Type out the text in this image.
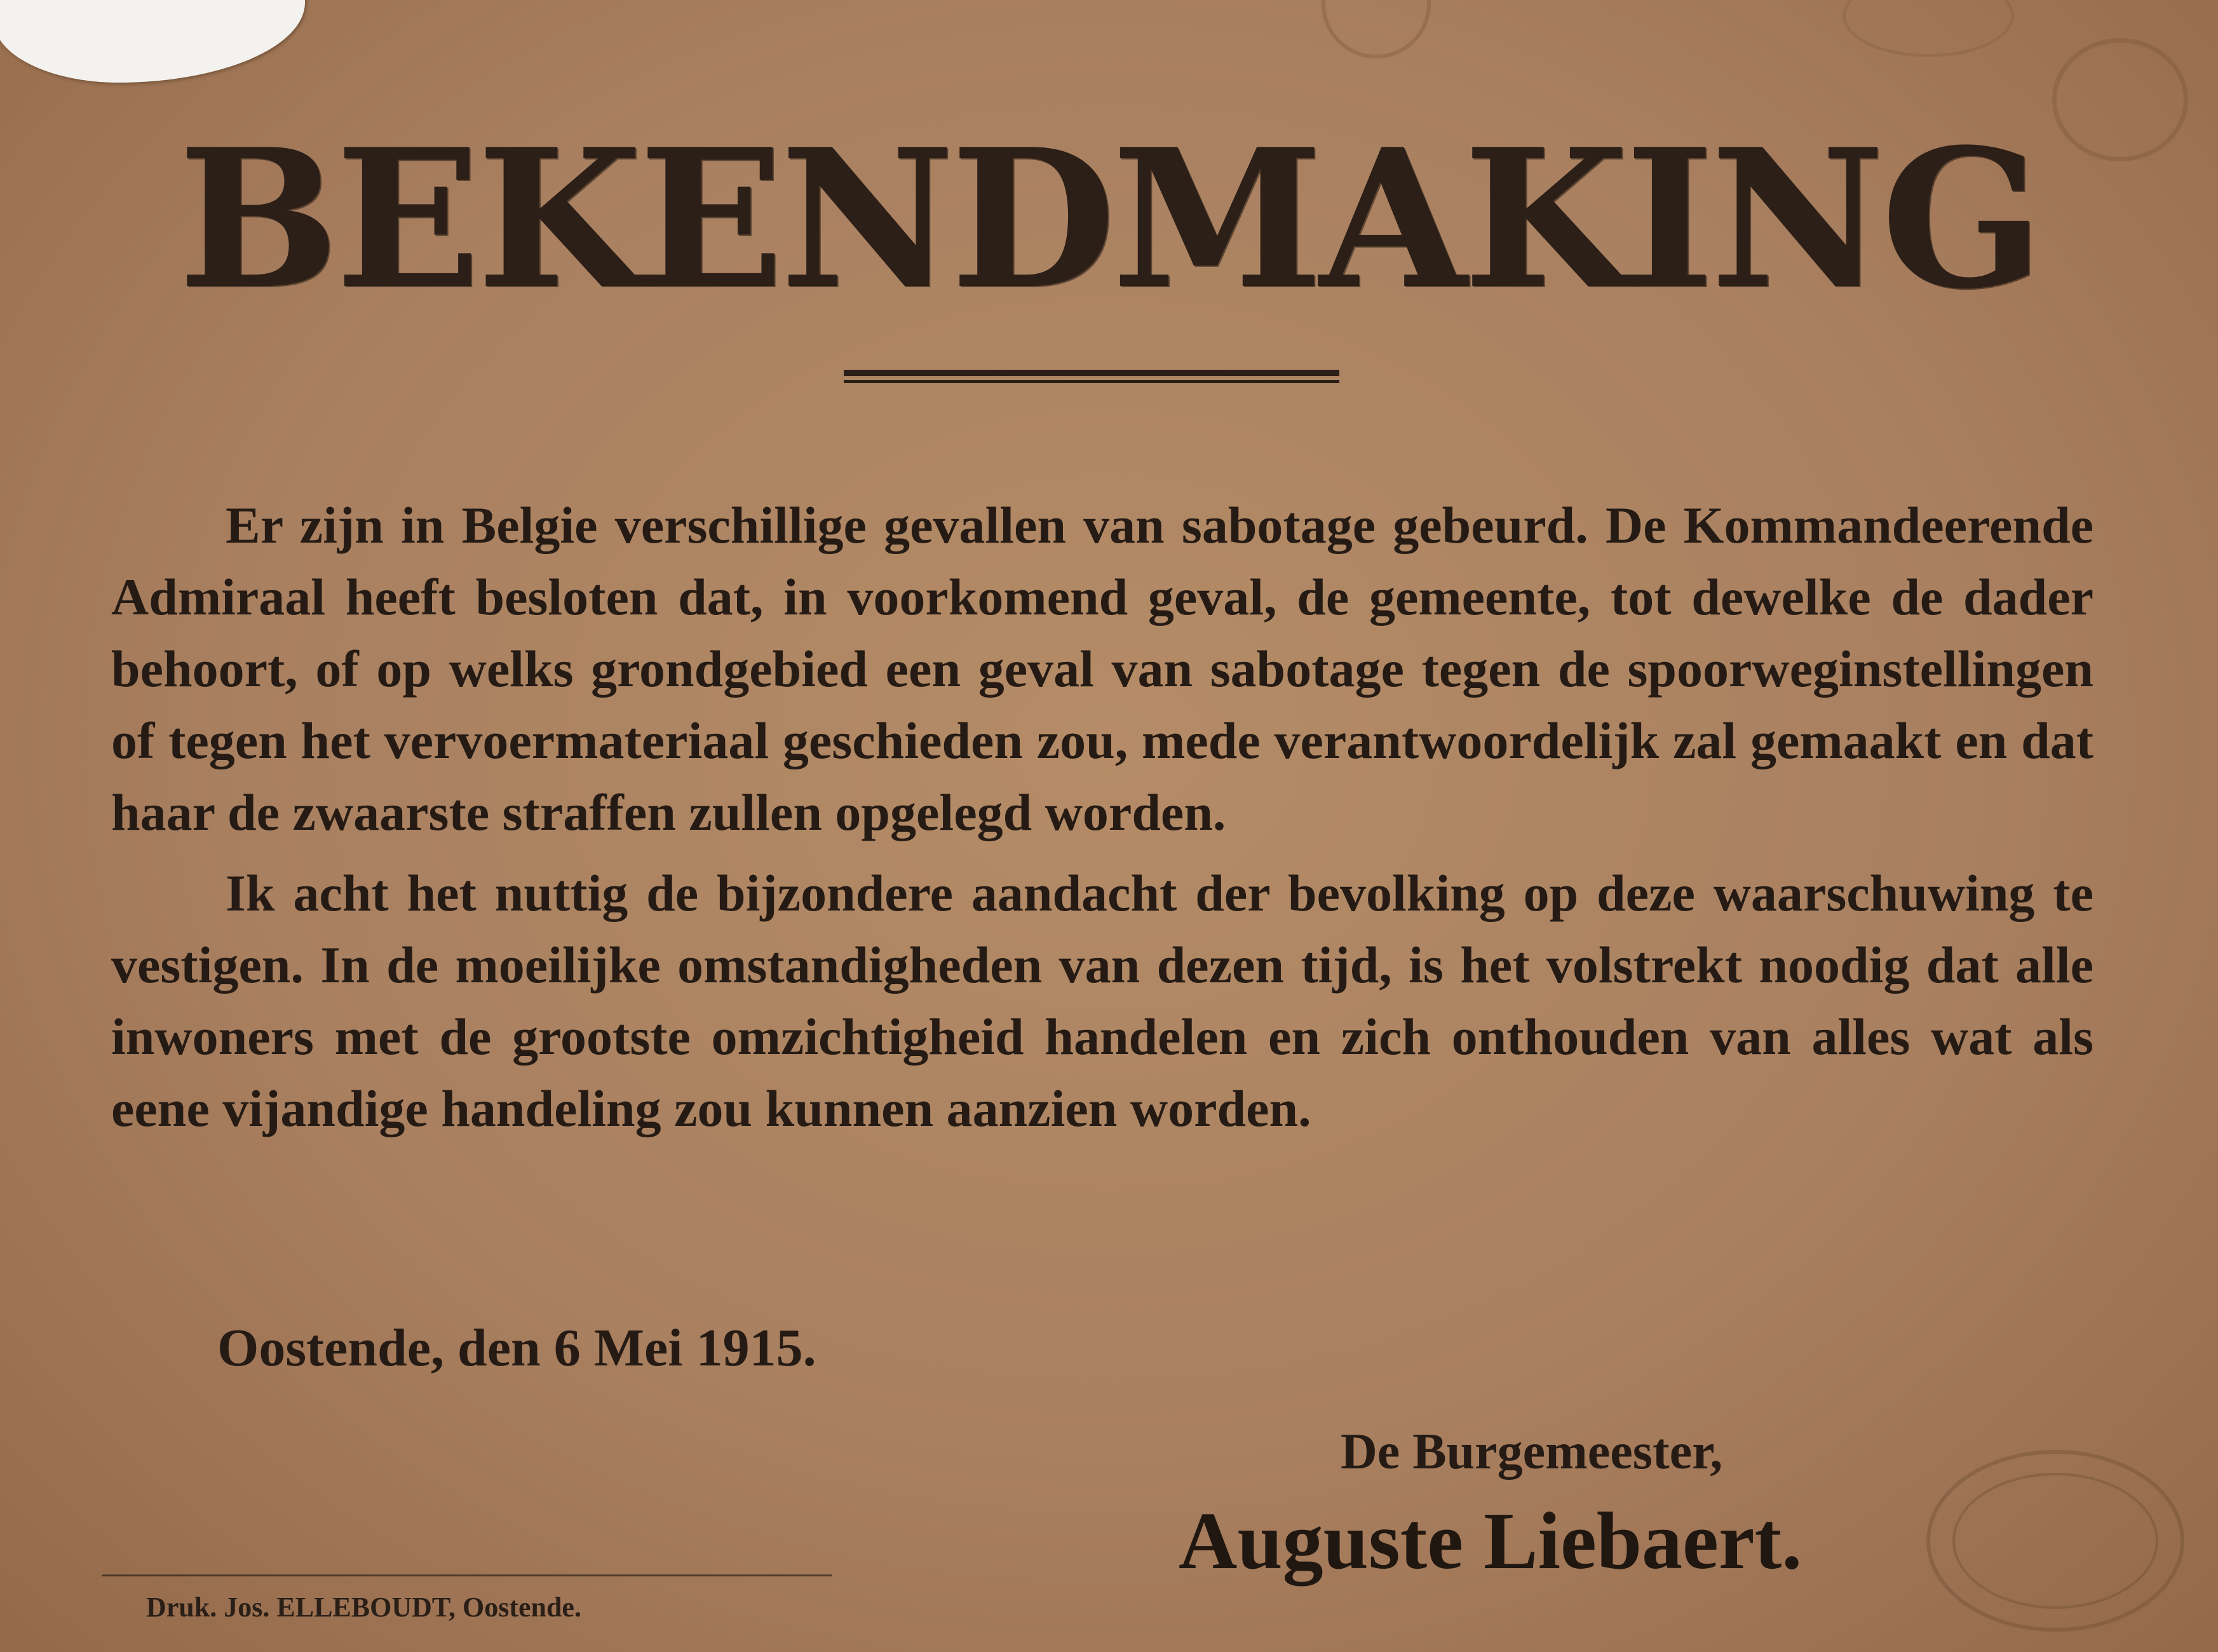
BEKENDMAKING

Er zijn in Belgie verschillige gevallen van sabotage gebeurd. De Kommandeerende Admiraal heeft besloten dat, in voorkomend geval, de gemeente, tot dewelke de dader behoort, of op welks grondgebied een geval van sabotage tegen de spoorweginstellingen of tegen het vervoermateriaal geschieden zou, mede verantwoordelijk zal gemaakt en dat haar de zwaarste straffen zullen opgelegd worden.

Ik acht het nuttig de bijzondere aandacht der bevolking op deze waarschuwing te vestigen. In de moeilijke omstandigheden van dezen tijd, is het volstrekt noodig dat alle inwoners met de grootste omzichtigheid handelen en zich onthouden van alles wat als eene vijandige handeling zou kunnen aanzien worden.

Oostende, den 6 Mei 1915.
De Burgemeester,
Auguste Liebaert.
Druk. Jos. ELLEBOUDT, Oostende.
